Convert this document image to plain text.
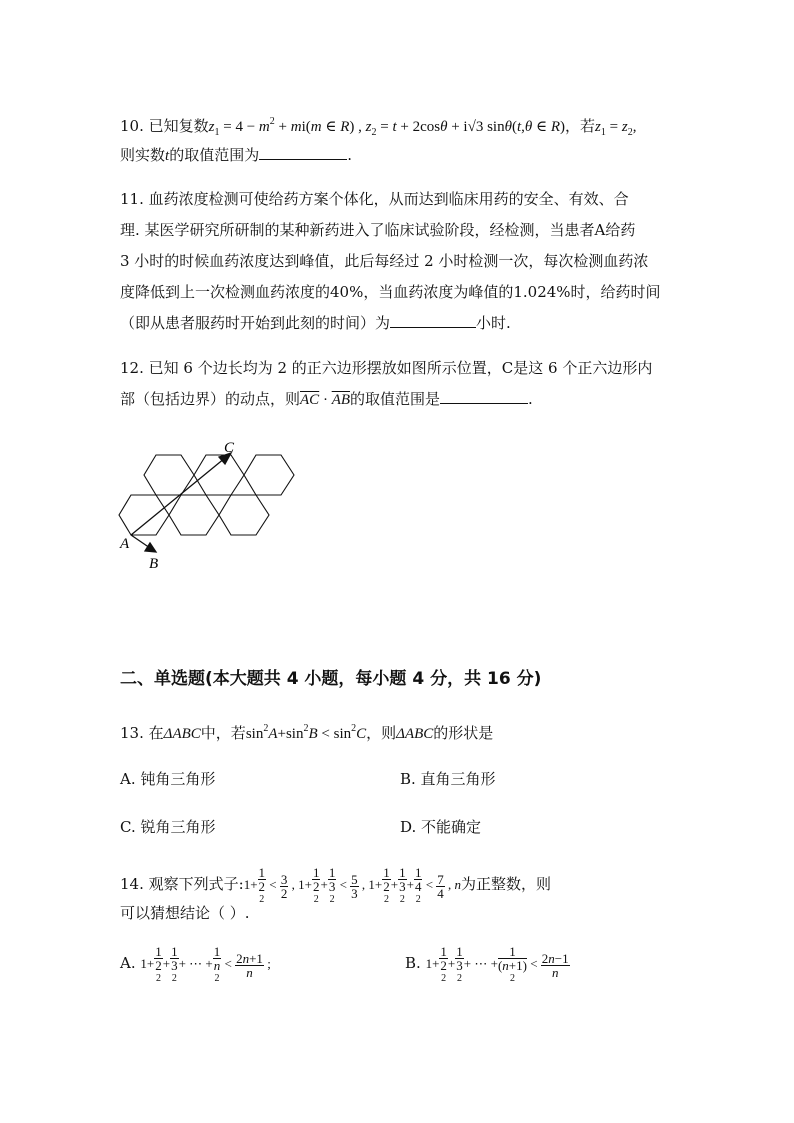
10. 已知复数$z_1 = 4 - m^2 + mi(m$ ∈ R) , $z_2 = t + 2\cos\theta + i√3$ sinθ(t,θ ∈ R)，若$z_1 = z_2$,
则实数t的取值范围为	.
11. 血药浓度检测可使给药方案个体化，从而达到临床用药的安全、有效、合
理. 某医学研究所研制的某种新药进入了临床试验阶段，经检测，当患者A给药
3 小时的时候血药浓度达到峰值，此后每经过 2 小时检测一次，每次检测血药浓
度降低到上一次检测血药浓度的40%，当血药浓度为峰值的1.024%时，给药时间
（即从患者服药时开始到此刻的时间）为	小时.
12. 已知 6 个边长均为 2 的正六边形摆放如图所示位置，C是这 6 个正六边形内
部（包括边界）的动点，则$\overline{AC} \cdot \overline{AB}$的取值范围是	.
A
B
C
二、单选题(本大题共 4 小题，每小题 4 分，共 16 分)
13. 在ΔABC中，若$\sin^2A+\sin^2B < \sin^2C$，则ΔABC的形状是
A. 钝角三角形	B. 直角三角形
C. 锐角三角形	D. 不能确定
14. 观察下列式子:1+ 1
2
$2 < \frac{3}{2}$ , 1+ 1
2
2 + 1
3
$2 < \frac{5}{3}$ , 1+ 1
2
2 + 1
3
2 + 1
4
$2 < \frac{7}{4}$ , n为正整数，则
可以猜想结论（ ）.
A. 1+ 1
2
2 + 1
3
2 + ⋯ + 1
n
$2 < \frac{2n+1}{n}$ ;	B. 1+ 1
2
2 + 1
3
2 + ⋯ + 1
(n+1)
$2 < \frac{2n-1}{n}$
